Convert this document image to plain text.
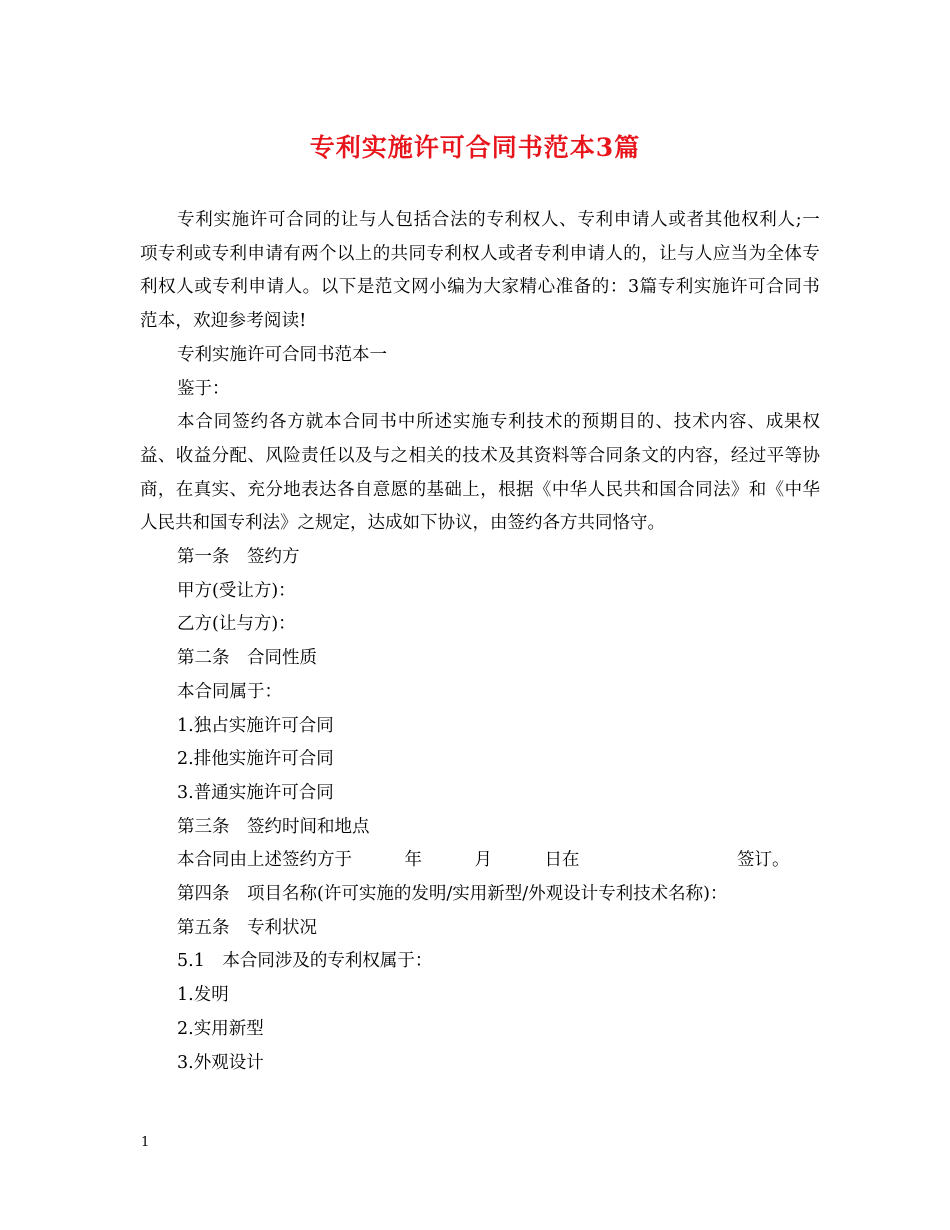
专利实施许可合同书范本3篇

专利实施许可合同的让与人包括合法的专利权人、专利申请人或者其他权利人;一项专利或专利申请有两个以上的共同专利权人或者专利申请人的，让与人应当为全体专利权人或专利申请人。以下是范文网小编为大家精心准备的：3篇专利实施许可合同书范本，欢迎参考阅读!

专利实施许可合同书范本一

鉴于：

本合同签约各方就本合同书中所述实施专利技术的预期目的、技术内容、成果权益、收益分配、风险责任以及与之相关的技术及其资料等合同条文的内容，经过平等协商，在真实、充分地表达各自意愿的基础上，根据《中华人民共和国合同法》和《中华人民共和国专利法》之规定，达成如下协议，由签约各方共同恪守。

第一条　签约方

甲方(受让方)：

乙方(让与方)：

第二条　合同性质

本合同属于：

1.独占实施许可合同

2.排他实施许可合同

3.普通实施许可合同

第三条　签约时间和地点

本合同由上述签约方于　　　年　　　月　　　日在　　　　　　　　　签订。

第四条　项目名称(许可实施的发明/实用新型/外观设计专利技术名称)：

第五条　专利状况

5.1　本合同涉及的专利权属于：

1.发明

2.实用新型

3.外观设计

1
